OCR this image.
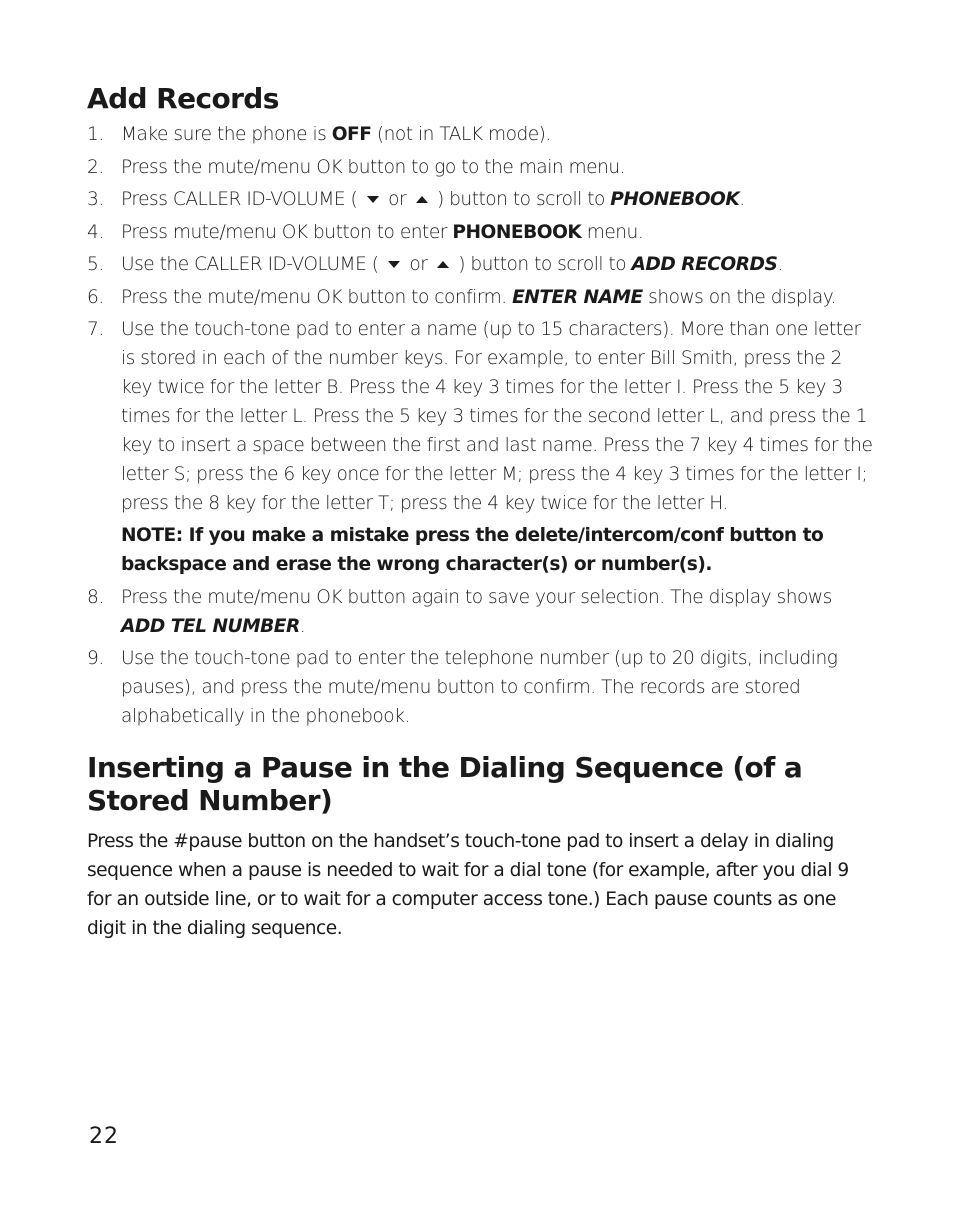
Add Records
1. Make sure the phone is OFF (not in TALK mode).
2. Press the mute/menu OK button to go to the main menu.
3. Press CALLER ID-VOLUME (  or  ) button to scroll to PHONEBOOK.
4. Press mute/menu OK button to enter PHONEBOOK menu.
5. Use the CALLER ID-VOLUME (  or  ) button to scroll to ADD RECORDS.
6. Press the mute/menu OK button to confirm. ENTER NAME shows on the display.
7. Use the touch-tone pad to enter a name (up to 15 characters). More than one letter is stored in each of the number keys. For example, to enter Bill Smith, press the 2 key twice for the letter B. Press the 4 key 3 times for the letter I. Press the 5 key 3 times for the letter L. Press the 5 key 3 times for the second letter L, and press the 1 key to insert a space between the first and last name. Press the 7 key 4 times for the letter S; press the 6 key once for the letter M; press the 4 key 3 times for the letter I; press the 8 key for the letter T; press the 4 key twice for the letter H.
NOTE: If you make a mistake press the delete/intercom/conf button to backspace and erase the wrong character(s) or number(s).
8. Press the mute/menu OK button again to save your selection. The display shows ADD TEL NUMBER.
9. Use the touch-tone pad to enter the telephone number (up to 20 digits, including pauses), and press the mute/menu button to confirm. The records are stored alphabetically in the phonebook.
Inserting a Pause in the Dialing Sequence (of a Stored Number)

Press the #pause button on the handset’s touch-tone pad to insert a delay in dialing sequence when a pause is needed to wait for a dial tone (for example, after you dial 9 for an outside line, or to wait for a computer access tone.) Each pause counts as one digit in the dialing sequence.

22
